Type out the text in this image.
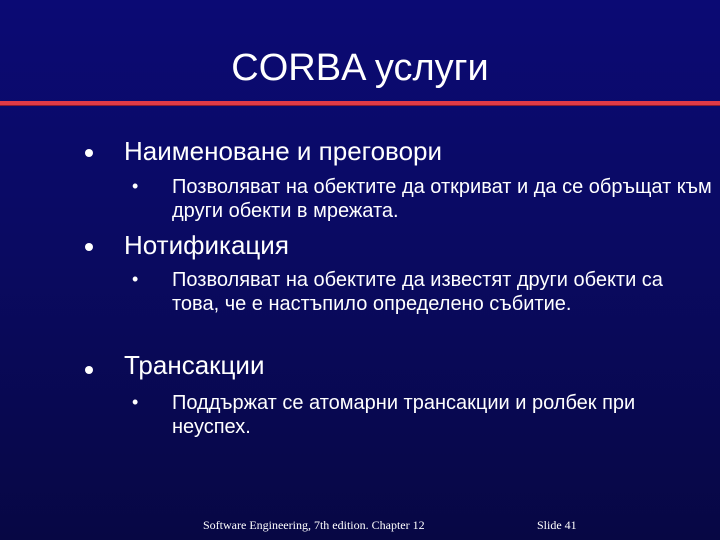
CORBA услуги
Наименоване и преговори
• Позволяват на обектите да откриват и да се обръщат към други обекти в мрежата.
Нотификация
• Позволяват на обектите да известят други обекти са това, че е настъпило определено събитие.
Трансакции
• Поддържат се атомарни трансакции и ролбек при неуспех.
Software Engineering, 7th edition. Chapter 12	Slide 41
